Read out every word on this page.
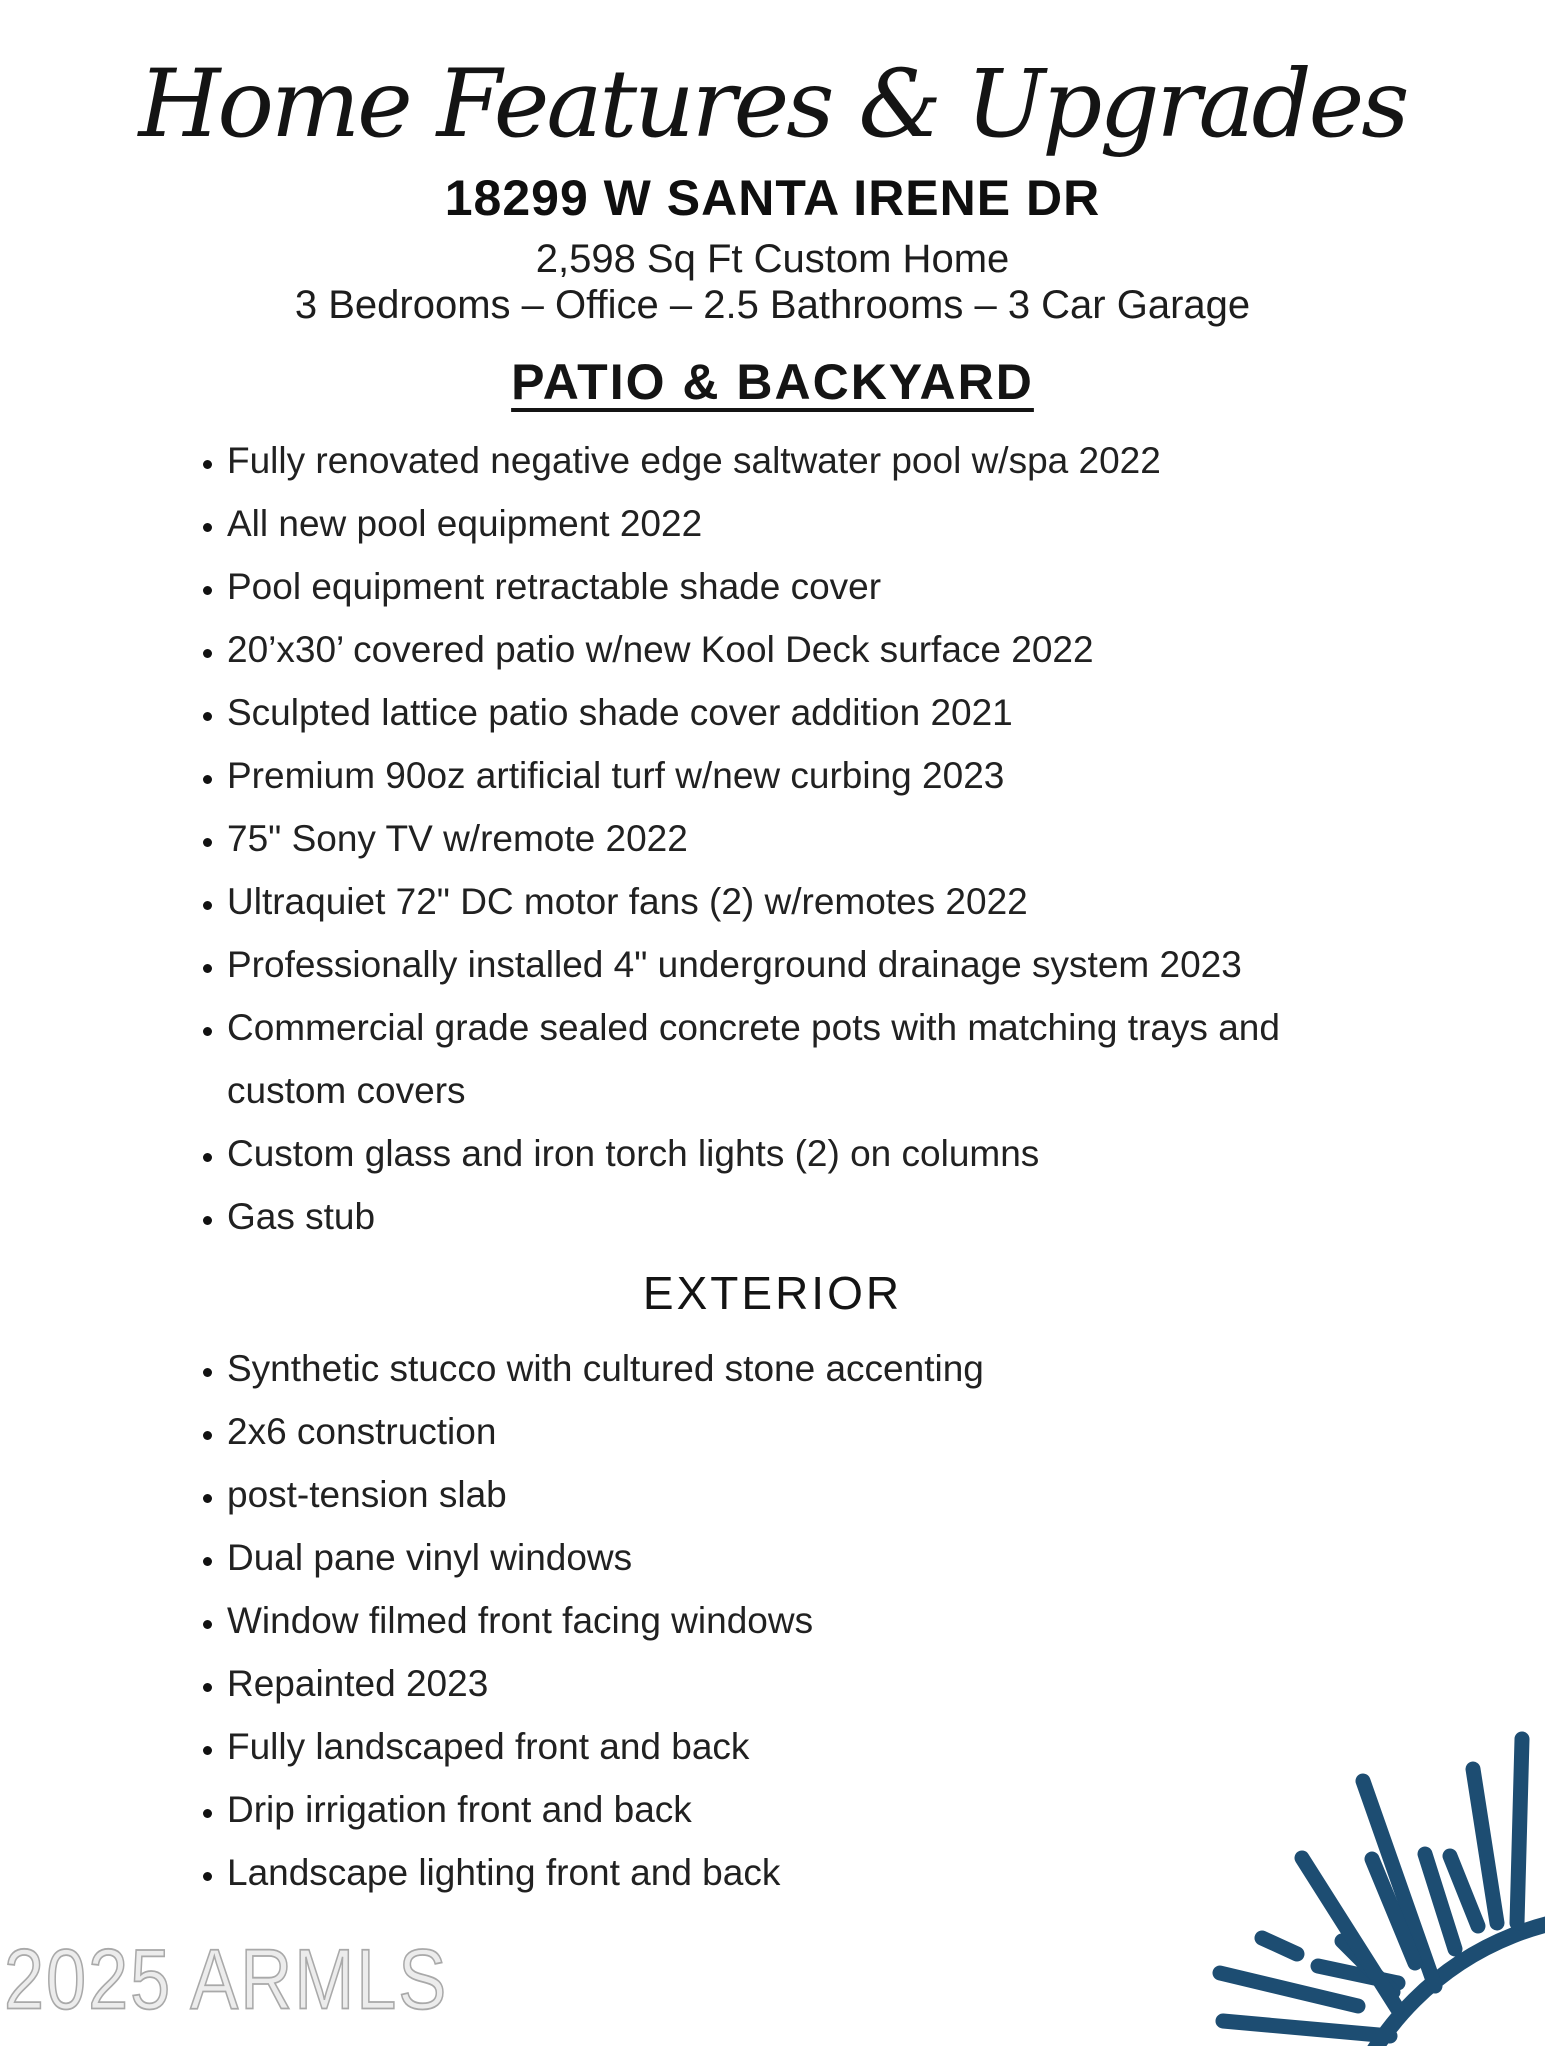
2025 ARMLS
Home Features & Upgrades
18299 W SANTA IRENE DR
2,598 Sq Ft Custom Home
3 Bedrooms – Office – 2.5 Bathrooms – 3 Car Garage
PATIO & BACKYARD
• Fully renovated negative edge saltwater pool w/spa 2022
• All new pool equipment 2022
• Pool equipment retractable shade cover
• 20’x30’ covered patio w/new Kool Deck surface 2022
• Sculpted lattice patio shade cover addition 2021
• Premium 90oz artificial turf w/new curbing 2023
• 75" Sony TV w/remote 2022
• Ultraquiet 72" DC motor fans (2) w/remotes 2022
• Professionally installed 4" underground drainage system 2023
• Commercial grade sealed concrete pots with matching trays and custom covers
• Custom glass and iron torch lights (2) on columns
• Gas stub
EXTERIOR
• Synthetic stucco with cultured stone accenting
• 2x6 construction
• post-tension slab
• Dual pane vinyl windows
• Window filmed front facing windows
• Repainted 2023
• Fully landscaped front and back
• Drip irrigation front and back
• Landscape lighting front and back
